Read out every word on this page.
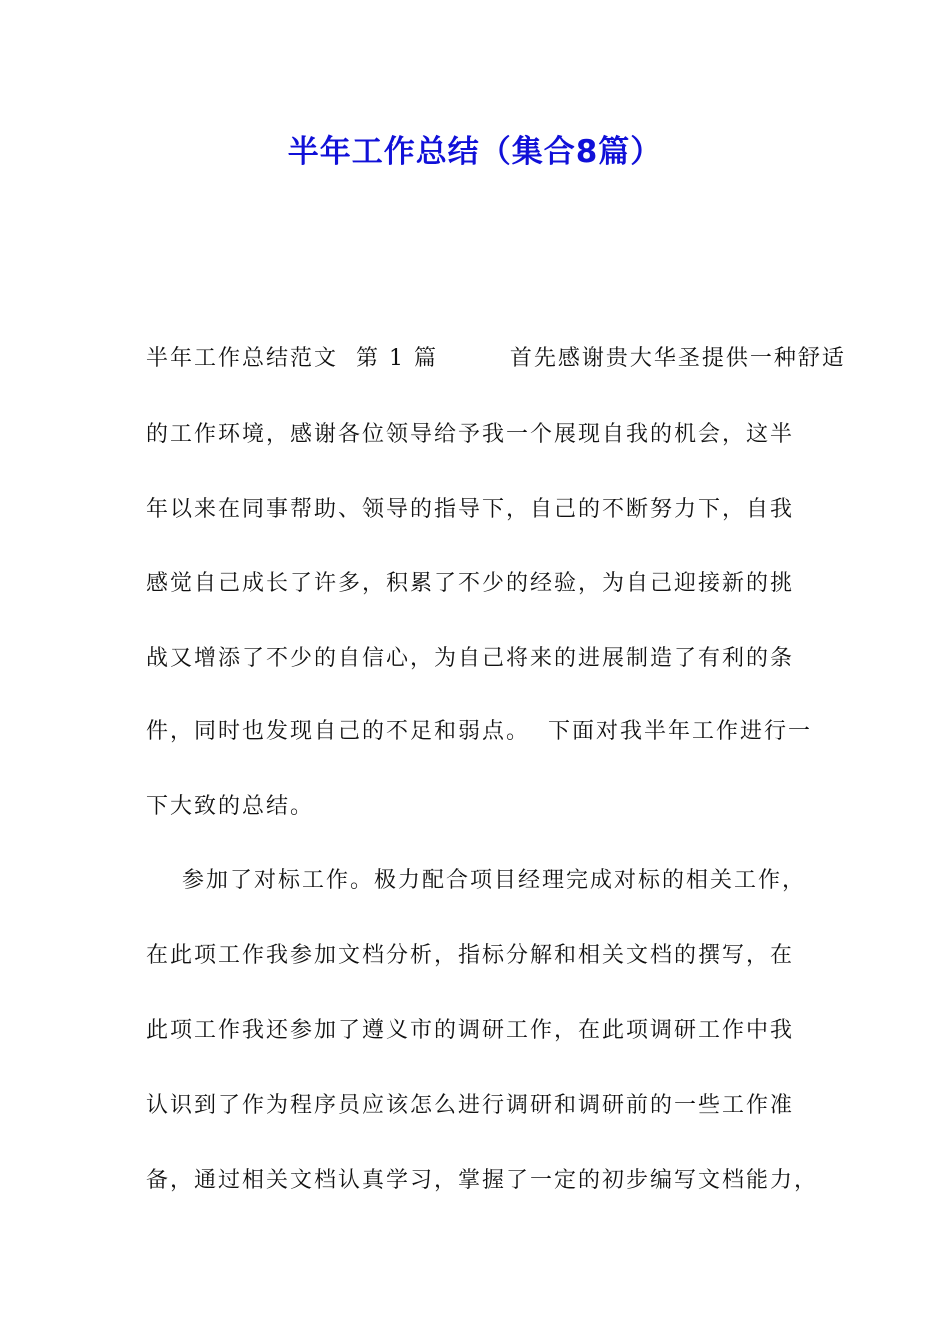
半年工作总结（集合8篇）
半年工作总结范文  第 1 篇        首先感谢贵大华圣提供一种舒适
的工作环境，感谢各位领导给予我一个展现自我的机会，这半
年以来在同事帮助、领导的指导下，自己的不断努力下，自我
感觉自己成长了许多，积累了不少的经验，为自己迎接新的挑
战又增添了不少的自信心，为自己将来的进展制造了有利的条
件，同时也发现自己的不足和弱点。  下面对我半年工作进行一
下大致的总结。
参加了对标工作。极力配合项目经理完成对标的相关工作，
在此项工作我参加文档分析，指标分解和相关文档的撰写，在
此项工作我还参加了遵义市的调研工作，在此项调研工作中我
认识到了作为程序员应该怎么进行调研和调研前的一些工作准
备，通过相关文档认真学习，掌握了一定的初步编写文档能力，
